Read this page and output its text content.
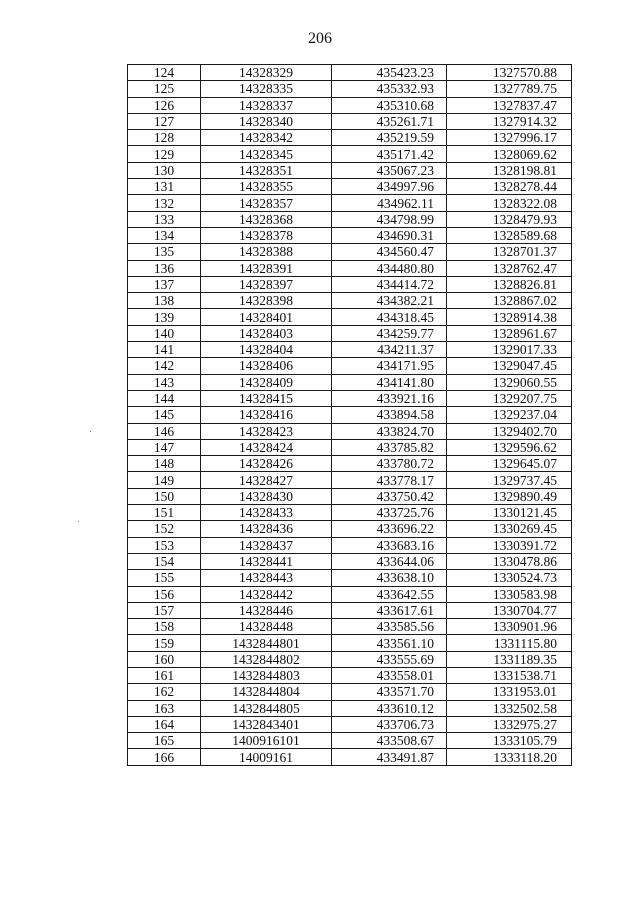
206
124	14328329	435423.23	1327570.88
125	14328335	435332.93	1327789.75
126	14328337	435310.68	1327837.47
127	14328340	435261.71	1327914.32
128	14328342	435219.59	1327996.17
129	14328345	435171.42	1328069.62
130	14328351	435067.23	1328198.81
131	14328355	434997.96	1328278.44
132	14328357	434962.11	1328322.08
133	14328368	434798.99	1328479.93
134	14328378	434690.31	1328589.68
135	14328388	434560.47	1328701.37
136	14328391	434480.80	1328762.47
137	14328397	434414.72	1328826.81
138	14328398	434382.21	1328867.02
139	14328401	434318.45	1328914.38
140	14328403	434259.77	1328961.67
141	14328404	434211.37	1329017.33
142	14328406	434171.95	1329047.45
143	14328409	434141.80	1329060.55
144	14328415	433921.16	1329207.75
145	14328416	433894.58	1329237.04
146	14328423	433824.70	1329402.70
147	14328424	433785.82	1329596.62
148	14328426	433780.72	1329645.07
149	14328427	433778.17	1329737.45
150	14328430	433750.42	1329890.49
151	14328433	433725.76	1330121.45
152	14328436	433696.22	1330269.45
153	14328437	433683.16	1330391.72
154	14328441	433644.06	1330478.86
155	14328443	433638.10	1330524.73
156	14328442	433642.55	1330583.98
157	14328446	433617.61	1330704.77
158	14328448	433585.56	1330901.96
159	1432844801	433561.10	1331115.80
160	1432844802	433555.69	1331189.35
161	1432844803	433558.01	1331538.71
162	1432844804	433571.70	1331953.01
163	1432844805	433610.12	1332502.58
164	1432843401	433706.73	1332975.27
165	1400916101	433508.67	1333105.79
166	14009161	433491.87	1333118.20
